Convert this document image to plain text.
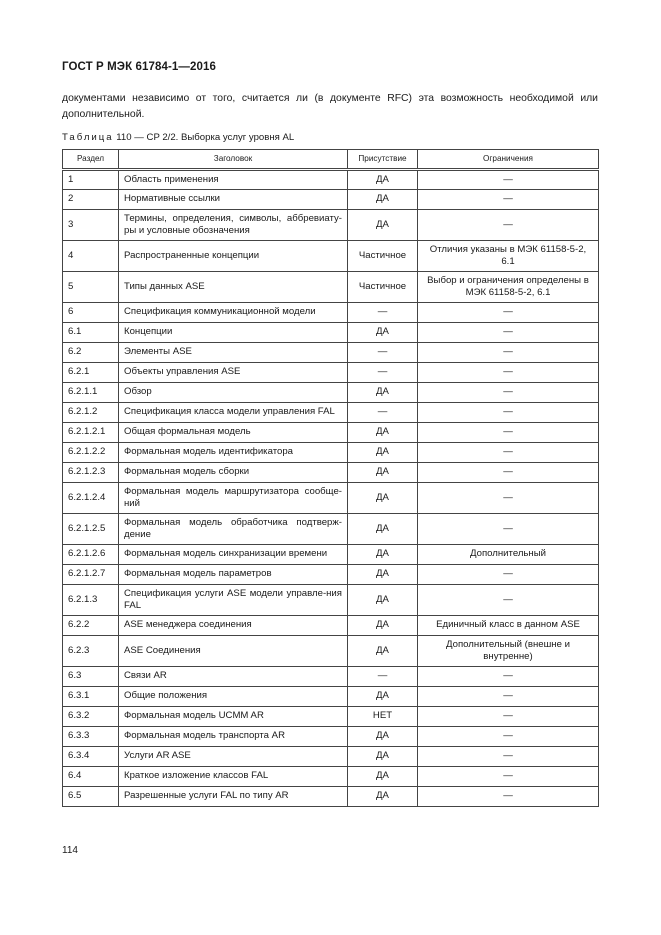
ГОСТ Р МЭК 61784-1—2016
документами независимо от того, считается ли (в документе RFC) эта возможность необходимой или дополнительной.
Таблица 110 — CP 2/2. Выборка услуг уровня AL
Раздел	Заголовок	Присутствие	Ограничения
1	Область применения	ДА	—
2	Нормативные ссылки	ДА	—
3	Термины, определения, символы, аббревиату-ры и условные обозначения	ДА	—
4	Распространенные концепции	Частичное	Отличия указаны в МЭК 61158-5-2, 6.1
5	Типы данных ASE	Частичное	Выбор и ограничения определены в МЭК 61158-5-2, 6.1
6	Спецификация коммуникационной модели	—	—
6.1	Концепции	ДА	—
6.2	Элементы ASE	—	—
6.2.1	Объекты управления ASE	—	—
6.2.1.1	Обзор	ДА	—
6.2.1.2	Спецификация класса модели управления FAL	—	—
6.2.1.2.1	Общая формальная модель	ДА	—
6.2.1.2.2	Формальная модель идентификатора	ДА	—
6.2.1.2.3	Формальная модель сборки	ДА	—
6.2.1.2.4	Формальная модель маршрутизатора сообще-ний	ДА	—
6.2.1.2.5	Формальная модель обработчика подтверж-дение	ДА	—
6.2.1.2.6	Формальная модель синхранизации времени	ДА	Дополнительный
6.2.1.2.7	Формальная модель параметров	ДА	—
6.2.1.3	Спецификация услуги ASE модели управле-ния FAL	ДА	—
6.2.2	ASE менеджера соединения	ДА	Единичный класс в данном ASE
6.2.3	ASE Соединения	ДА	Дополнительный (внешне и внутренне)
6.3	Связи AR	—	—
6.3.1	Общие положения	ДА	—
6.3.2	Формальная модель UCMM AR	НЕТ	—
6.3.3	Формальная модель транспорта AR	ДА	—
6.3.4	Услуги AR ASE	ДА	—
6.4	Краткое изложение классов FAL	ДА	—
6.5	Разрешенные услуги FAL по типу AR	ДА	—
114
